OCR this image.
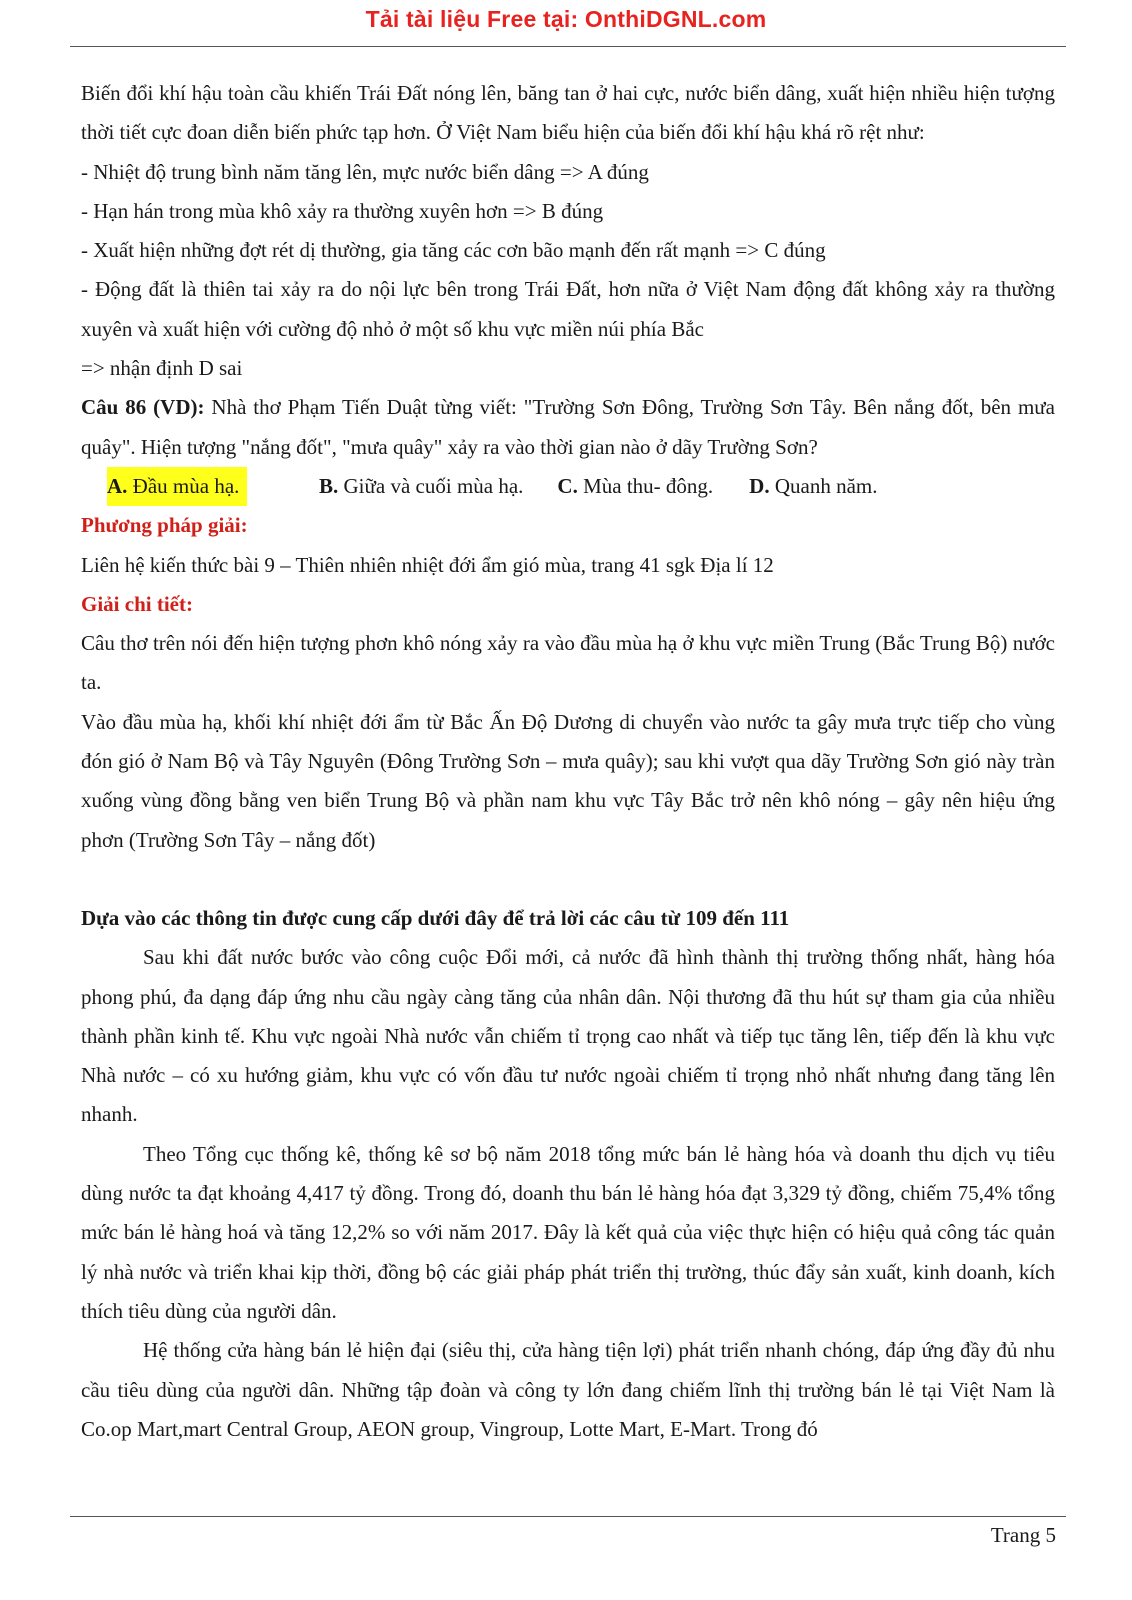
Tải tài liệu Free tại: OnthiDGNL.com

Biến đổi khí hậu toàn cầu khiến Trái Đất nóng lên, băng tan ở hai cực, nước biển dâng, xuất hiện nhiều hiện tượng thời tiết cực đoan diễn biến phức tạp hơn. Ở Việt Nam biểu hiện của biến đổi khí hậu khá rõ rệt như:

- Nhiệt độ trung bình năm tăng lên, mực nước biển dâng => A đúng

- Hạn hán trong mùa khô xảy ra thường xuyên hơn => B đúng

- Xuất hiện những đợt rét dị thường, gia tăng các cơn bão mạnh đến rất mạnh => C đúng

- Động đất là thiên tai xảy ra do nội lực bên trong Trái Đất, hơn nữa ở Việt Nam động đất không xảy ra thường xuyên và xuất hiện với cường độ nhỏ ở một số khu vực miền núi phía Bắc

=> nhận định D sai

Câu 86 (VD): Nhà thơ Phạm Tiến Duật từng viết: "Trường Sơn Đông, Trường Sơn Tây. Bên nắng đốt, bên mưa quây". Hiện tượng "nắng đốt", "mưa quây" xảy ra vào thời gian nào ở dãy Trường Sơn?

A. Đầu mùa hạ.	B. Giữa và cuối mùa hạ. C. Mùa thu- đông. D. Quanh năm.

Phương pháp giải:

Liên hệ kiến thức bài 9 – Thiên nhiên nhiệt đới ẩm gió mùa, trang 41 sgk Địa lí 12

Giải chi tiết:

Câu thơ trên nói đến hiện tượng phơn khô nóng xảy ra vào đầu mùa hạ ở khu vực miền Trung (Bắc Trung Bộ) nước ta.

Vào đầu mùa hạ, khối khí nhiệt đới ẩm từ Bắc Ấn Độ Dương di chuyển vào nước ta gây mưa trực tiếp cho vùng đón gió ở Nam Bộ và Tây Nguyên (Đông Trường Sơn – mưa quây); sau khi vượt qua dãy Trường Sơn gió này tràn xuống vùng đồng bằng ven biển Trung Bộ và phần nam khu vực Tây Bắc trở nên khô nóng – gây nên hiệu ứng phơn (Trường Sơn Tây – nắng đốt)

Dựa vào các thông tin được cung cấp dưới đây để trả lời các câu từ 109 đến 111

Sau khi đất nước bước vào công cuộc Đổi mới, cả nước đã hình thành thị trường thống nhất, hàng hóa phong phú, đa dạng đáp ứng nhu cầu ngày càng tăng của nhân dân. Nội thương đã thu hút sự tham gia của nhiều thành phần kinh tế. Khu vực ngoài Nhà nước vẫn chiếm tỉ trọng cao nhất và tiếp tục tăng lên, tiếp đến là khu vực Nhà nước – có xu hướng giảm, khu vực có vốn đầu tư nước ngoài chiếm tỉ trọng nhỏ nhất nhưng đang tăng lên nhanh.

Theo Tổng cục thống kê, thống kê sơ bộ năm 2018 tổng mức bán lẻ hàng hóa và doanh thu dịch vụ tiêu dùng nước ta đạt khoảng 4,417 tỷ đồng. Trong đó, doanh thu bán lẻ hàng hóa đạt 3,329 tỷ đồng, chiếm 75,4% tổng mức bán lẻ hàng hoá và tăng 12,2% so với năm 2017. Đây là kết quả của việc thực hiện có hiệu quả công tác quản lý nhà nước và triển khai kịp thời, đồng bộ các giải pháp phát triển thị trường, thúc đẩy sản xuất, kinh doanh, kích thích tiêu dùng của người dân.

Hệ thống cửa hàng bán lẻ hiện đại (siêu thị, cửa hàng tiện lợi) phát triển nhanh chóng, đáp ứng đầy đủ nhu cầu tiêu dùng của người dân. Những tập đoàn và công ty lớn đang chiếm lĩnh thị trường bán lẻ tại Việt Nam là Co.op Mart,mart Central Group, AEON group, Vingroup, Lotte Mart, E-Mart. Trong đó

Trang 5
